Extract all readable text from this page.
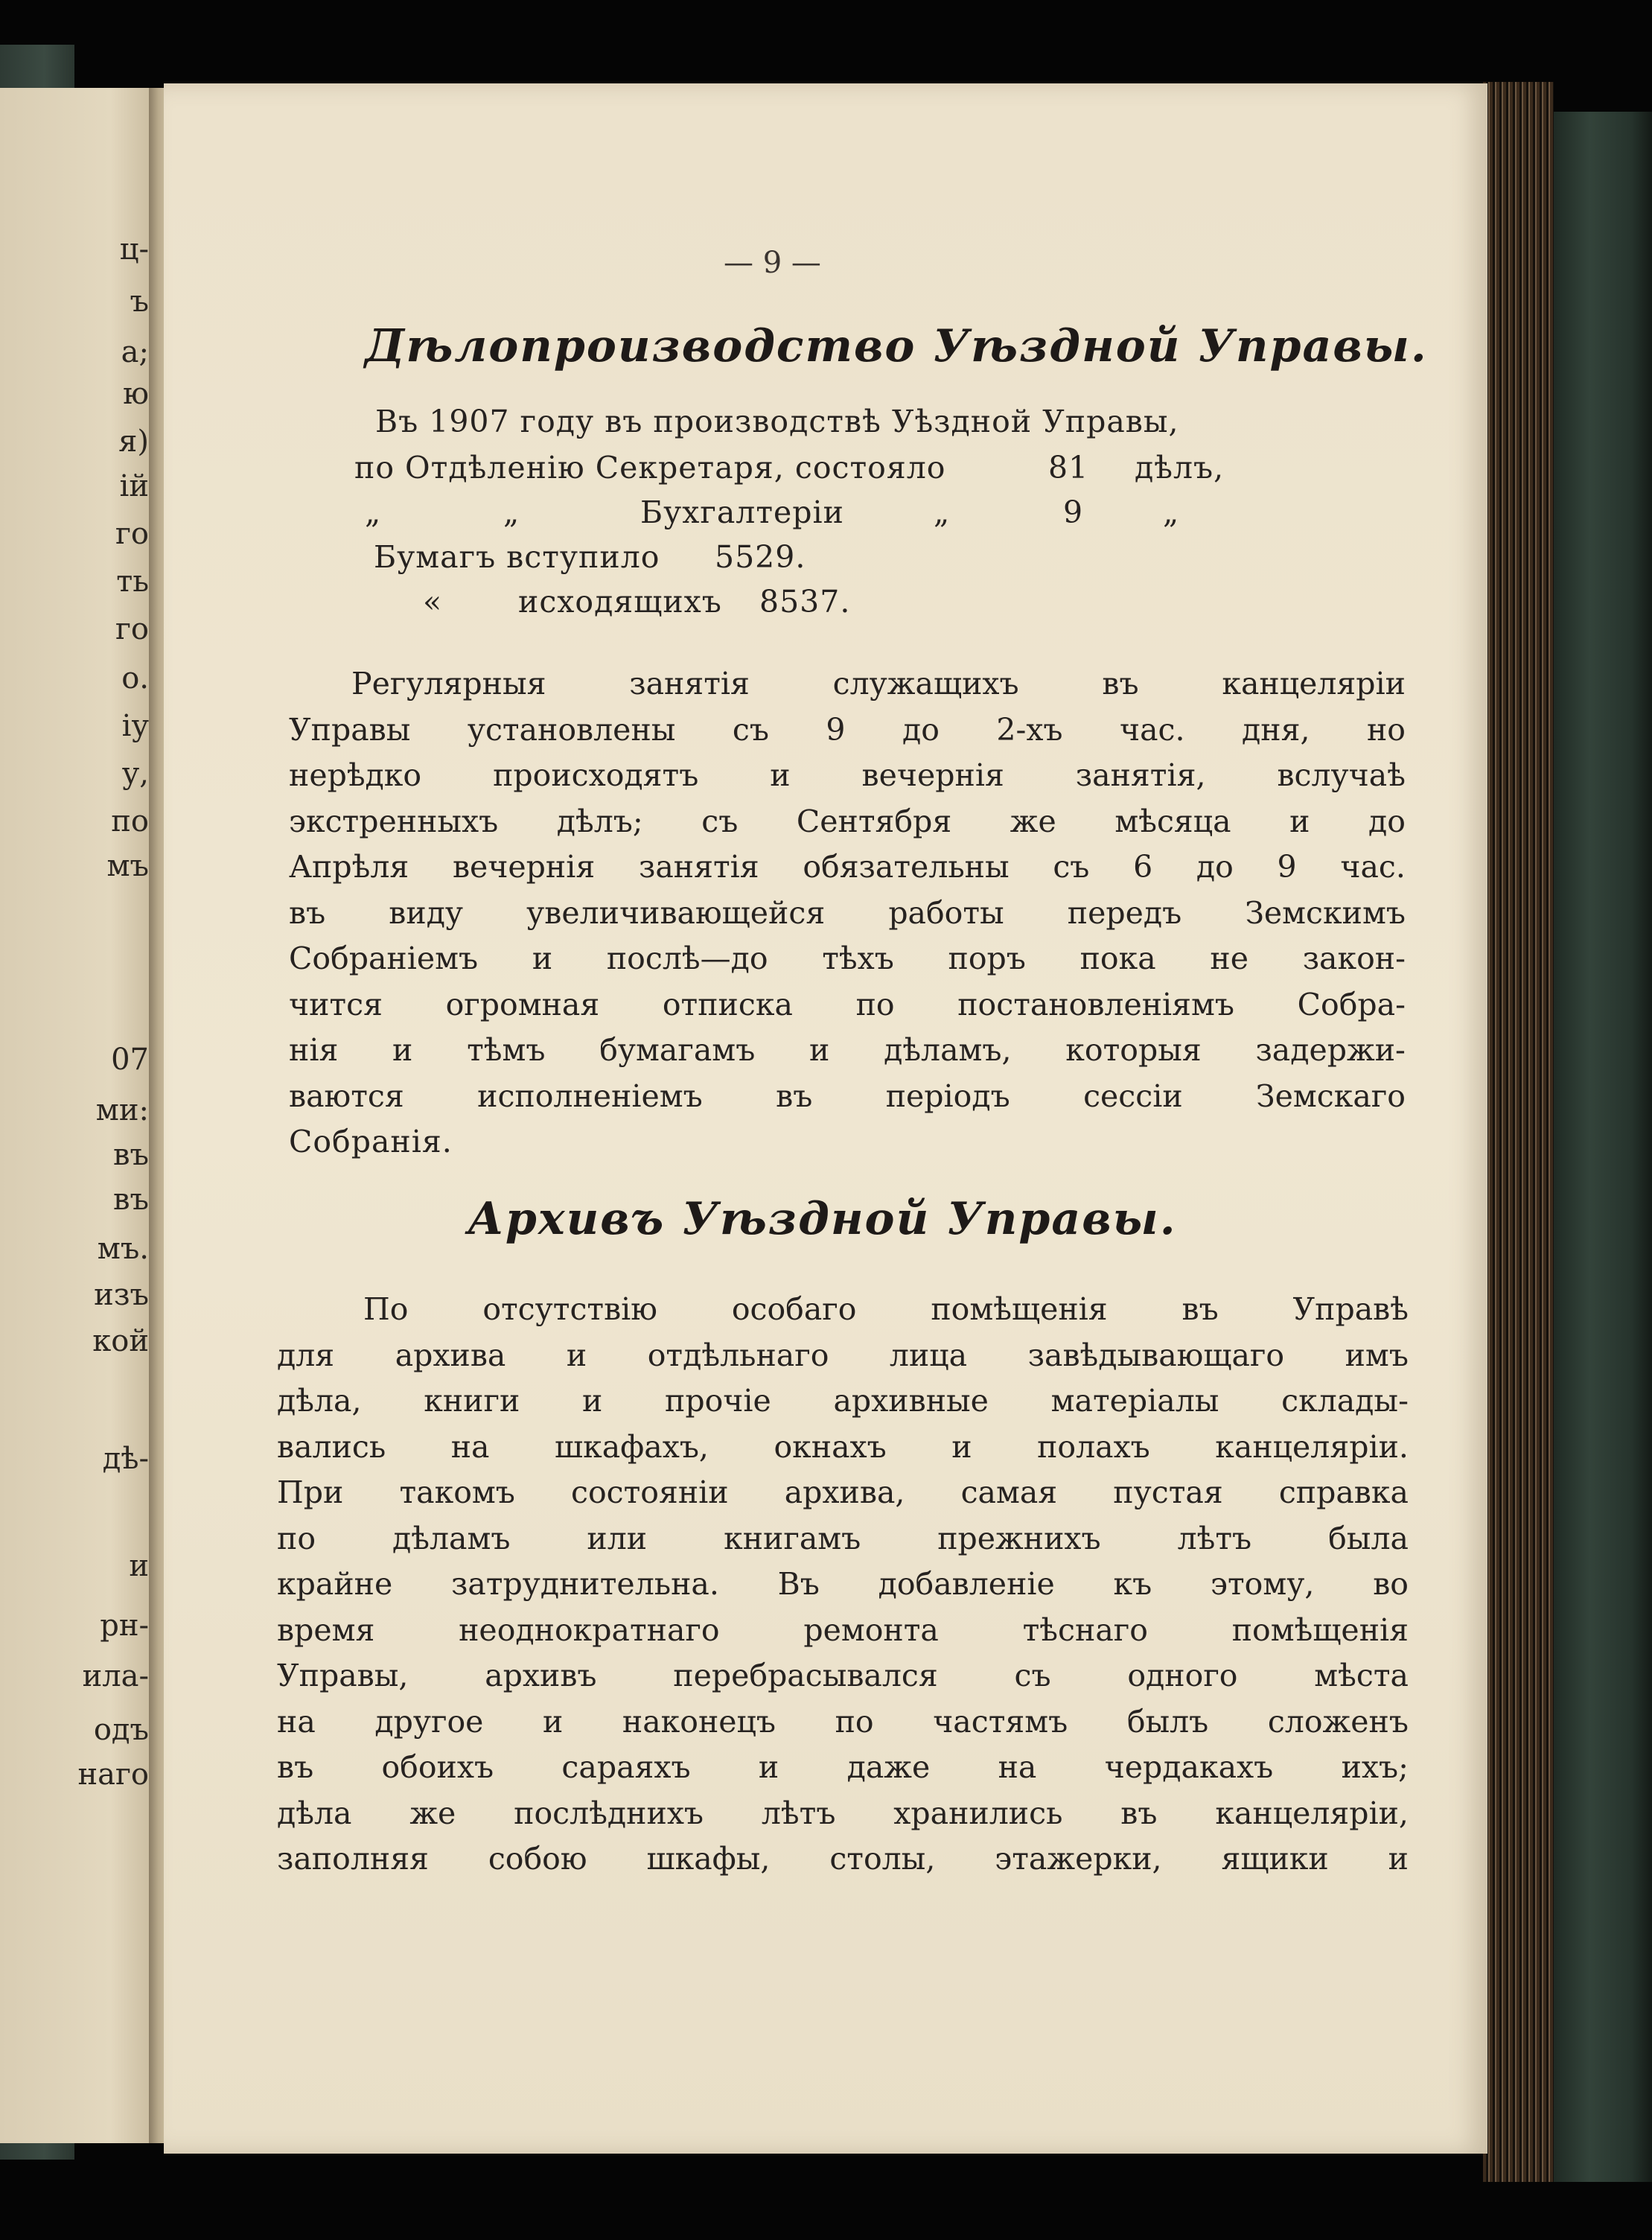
ц-
ъ
а;
ю
я)
ій
го
ть
го
о.
іу
у,
по
мъ
07
ми:
въ
въ
мъ.
изъ
кой
дѣ-
и
рн-
ила-
одъ
наго
— 9 —
Дѣлопроизводство Уѣздной Управы.
Въ 1907 году въ производствѣ Уѣздной Управы,
по Отдѣленію Секретаря, состояло	81 дѣлъ,
„	„	Бухгалтеріи	„	9	„
Бумагъ вступило 5529.
« исходящихъ 8537.
Регулярныя	занятія	служащихъ	въ	канцеляріи
Управы установлены съ 9 до 2-хъ час. дня, но
нерѣдко происходятъ и вечернія занятія, вслучаѣ
экстренныхъ дѣлъ; съ Сентября же мѣсяца и до
Апрѣля вечернія занятія обязательны съ 6 до 9 час.
въ виду увеличивающейся работы передъ Земскимъ
Собраніемъ и послѣ—до тѣхъ поръ пока не закон-
чится огромная отписка по постановленіямъ Собра-
нія и тѣмъ бумагамъ и дѣламъ, которыя задержи-
ваются исполненіемъ въ періодъ сессіи Земскаго
Собранія.
Архивъ Уѣздной Управы.
По отсутствію особаго помѣщенія въ Управѣ
для архива и отдѣльнаго лица завѣдывающаго имъ
дѣла, книги и прочіе архивные матеріалы склады-
вались на шкафахъ, окнахъ и полахъ канцеляріи.
При такомъ состояніи архива, самая пустая справка
по	дѣламъ	или	книгамъ	прежнихъ	лѣтъ	была
крайне затруднительна. Въ добавленіе къ этому, во
время	неоднократнаго	ремонта	тѣснаго	помѣщенія
Управы,	архивъ	перебрасывался	съ	одного	мѣста
на другое и наконецъ по частямъ былъ сложенъ
въ обоихъ сараяхъ и даже на чердакахъ ихъ;
дѣла же послѣднихъ лѣтъ хранились въ канцеляріи,
заполняя собою шкафы, столы, этажерки, ящики и
